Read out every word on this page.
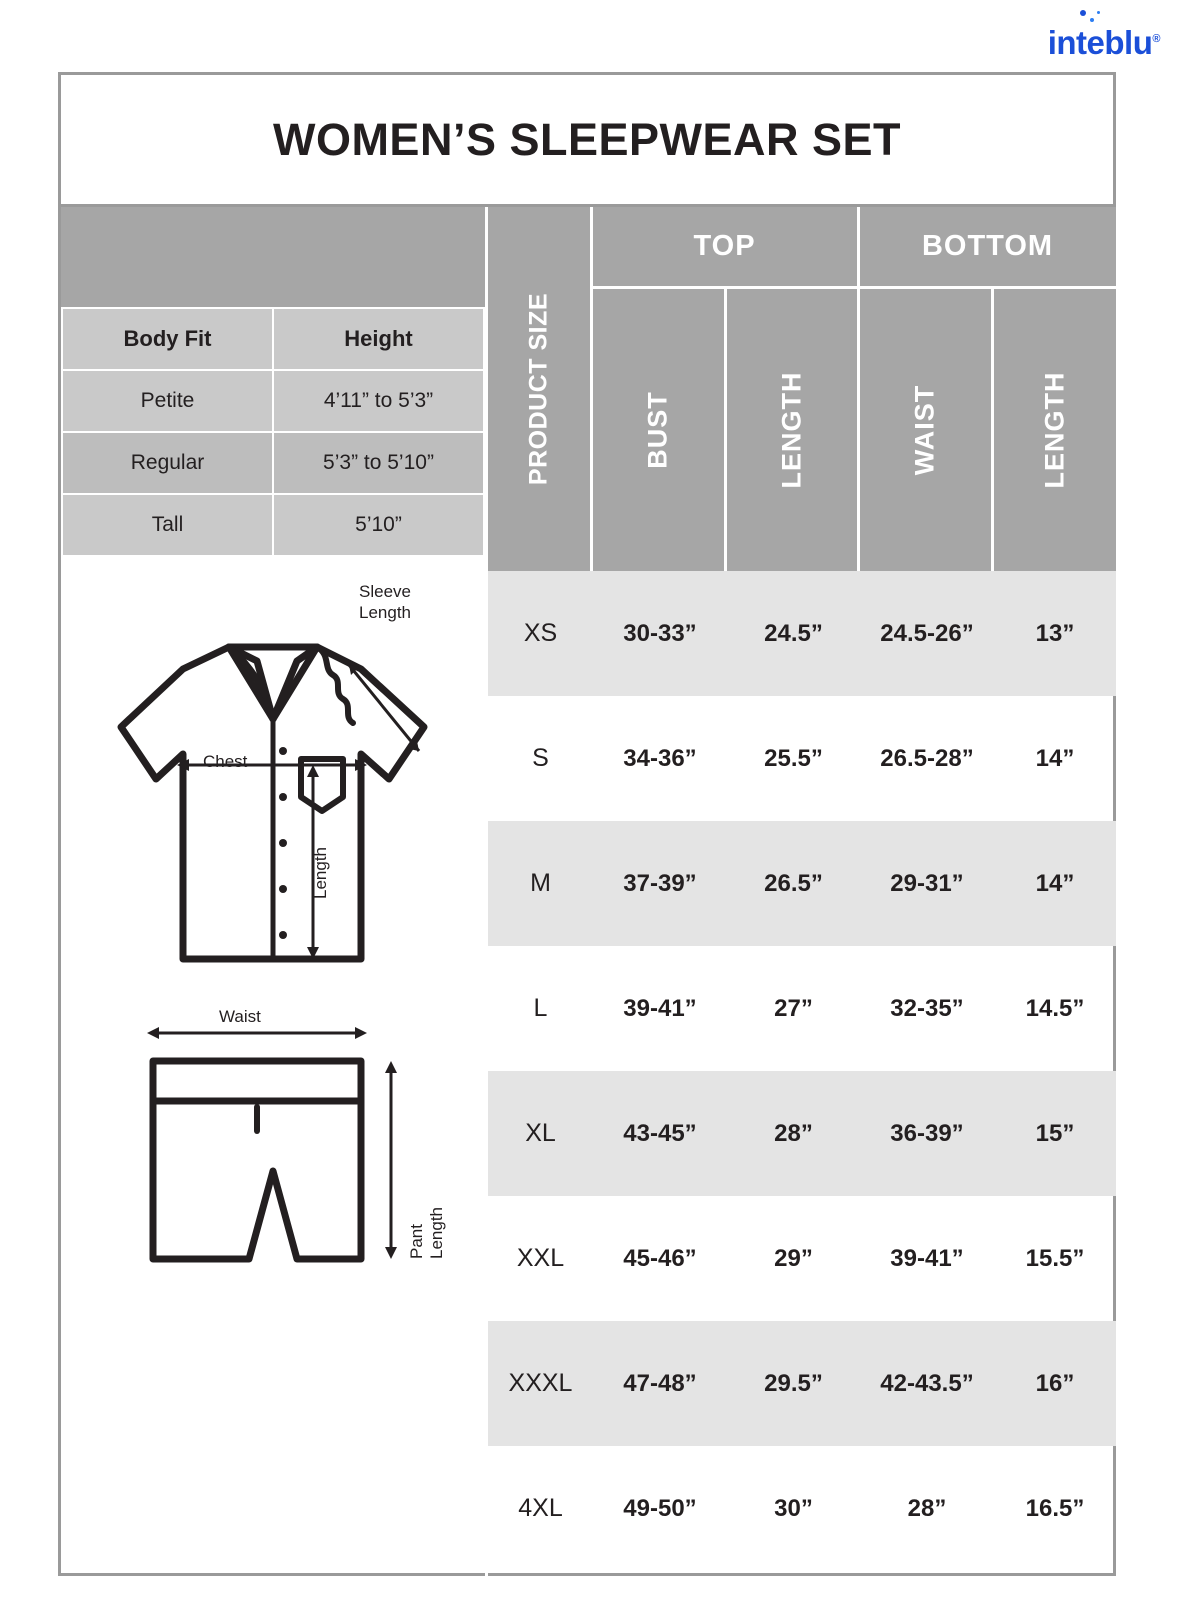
inteblu®
WOMEN’S SLEEPWEAR SET
Body Fit	Height
Petite	4’11” to 5’3”
Regular	5’3” to 5’10”
Tall	5’10”
Sleeve
Length
Chest
Length
Waist
Pant Length
PRODUCT SIZE
TOP	BOTTOM
BUST	LENGTH	WAIST	LENGTH
XS	30-33”	24.5”	24.5-26”	13”
S	34-36”	25.5”	26.5-28”	14”
M	37-39”	26.5”	29-31”	14”
L	39-41”	27”	32-35”	14.5”
XL	43-45”	28”	36-39”	15”
XXL	45-46”	29”	39-41”	15.5”
XXXL	47-48”	29.5”	42-43.5”	16”
4XL	49-50”	30”	28”	16.5”
